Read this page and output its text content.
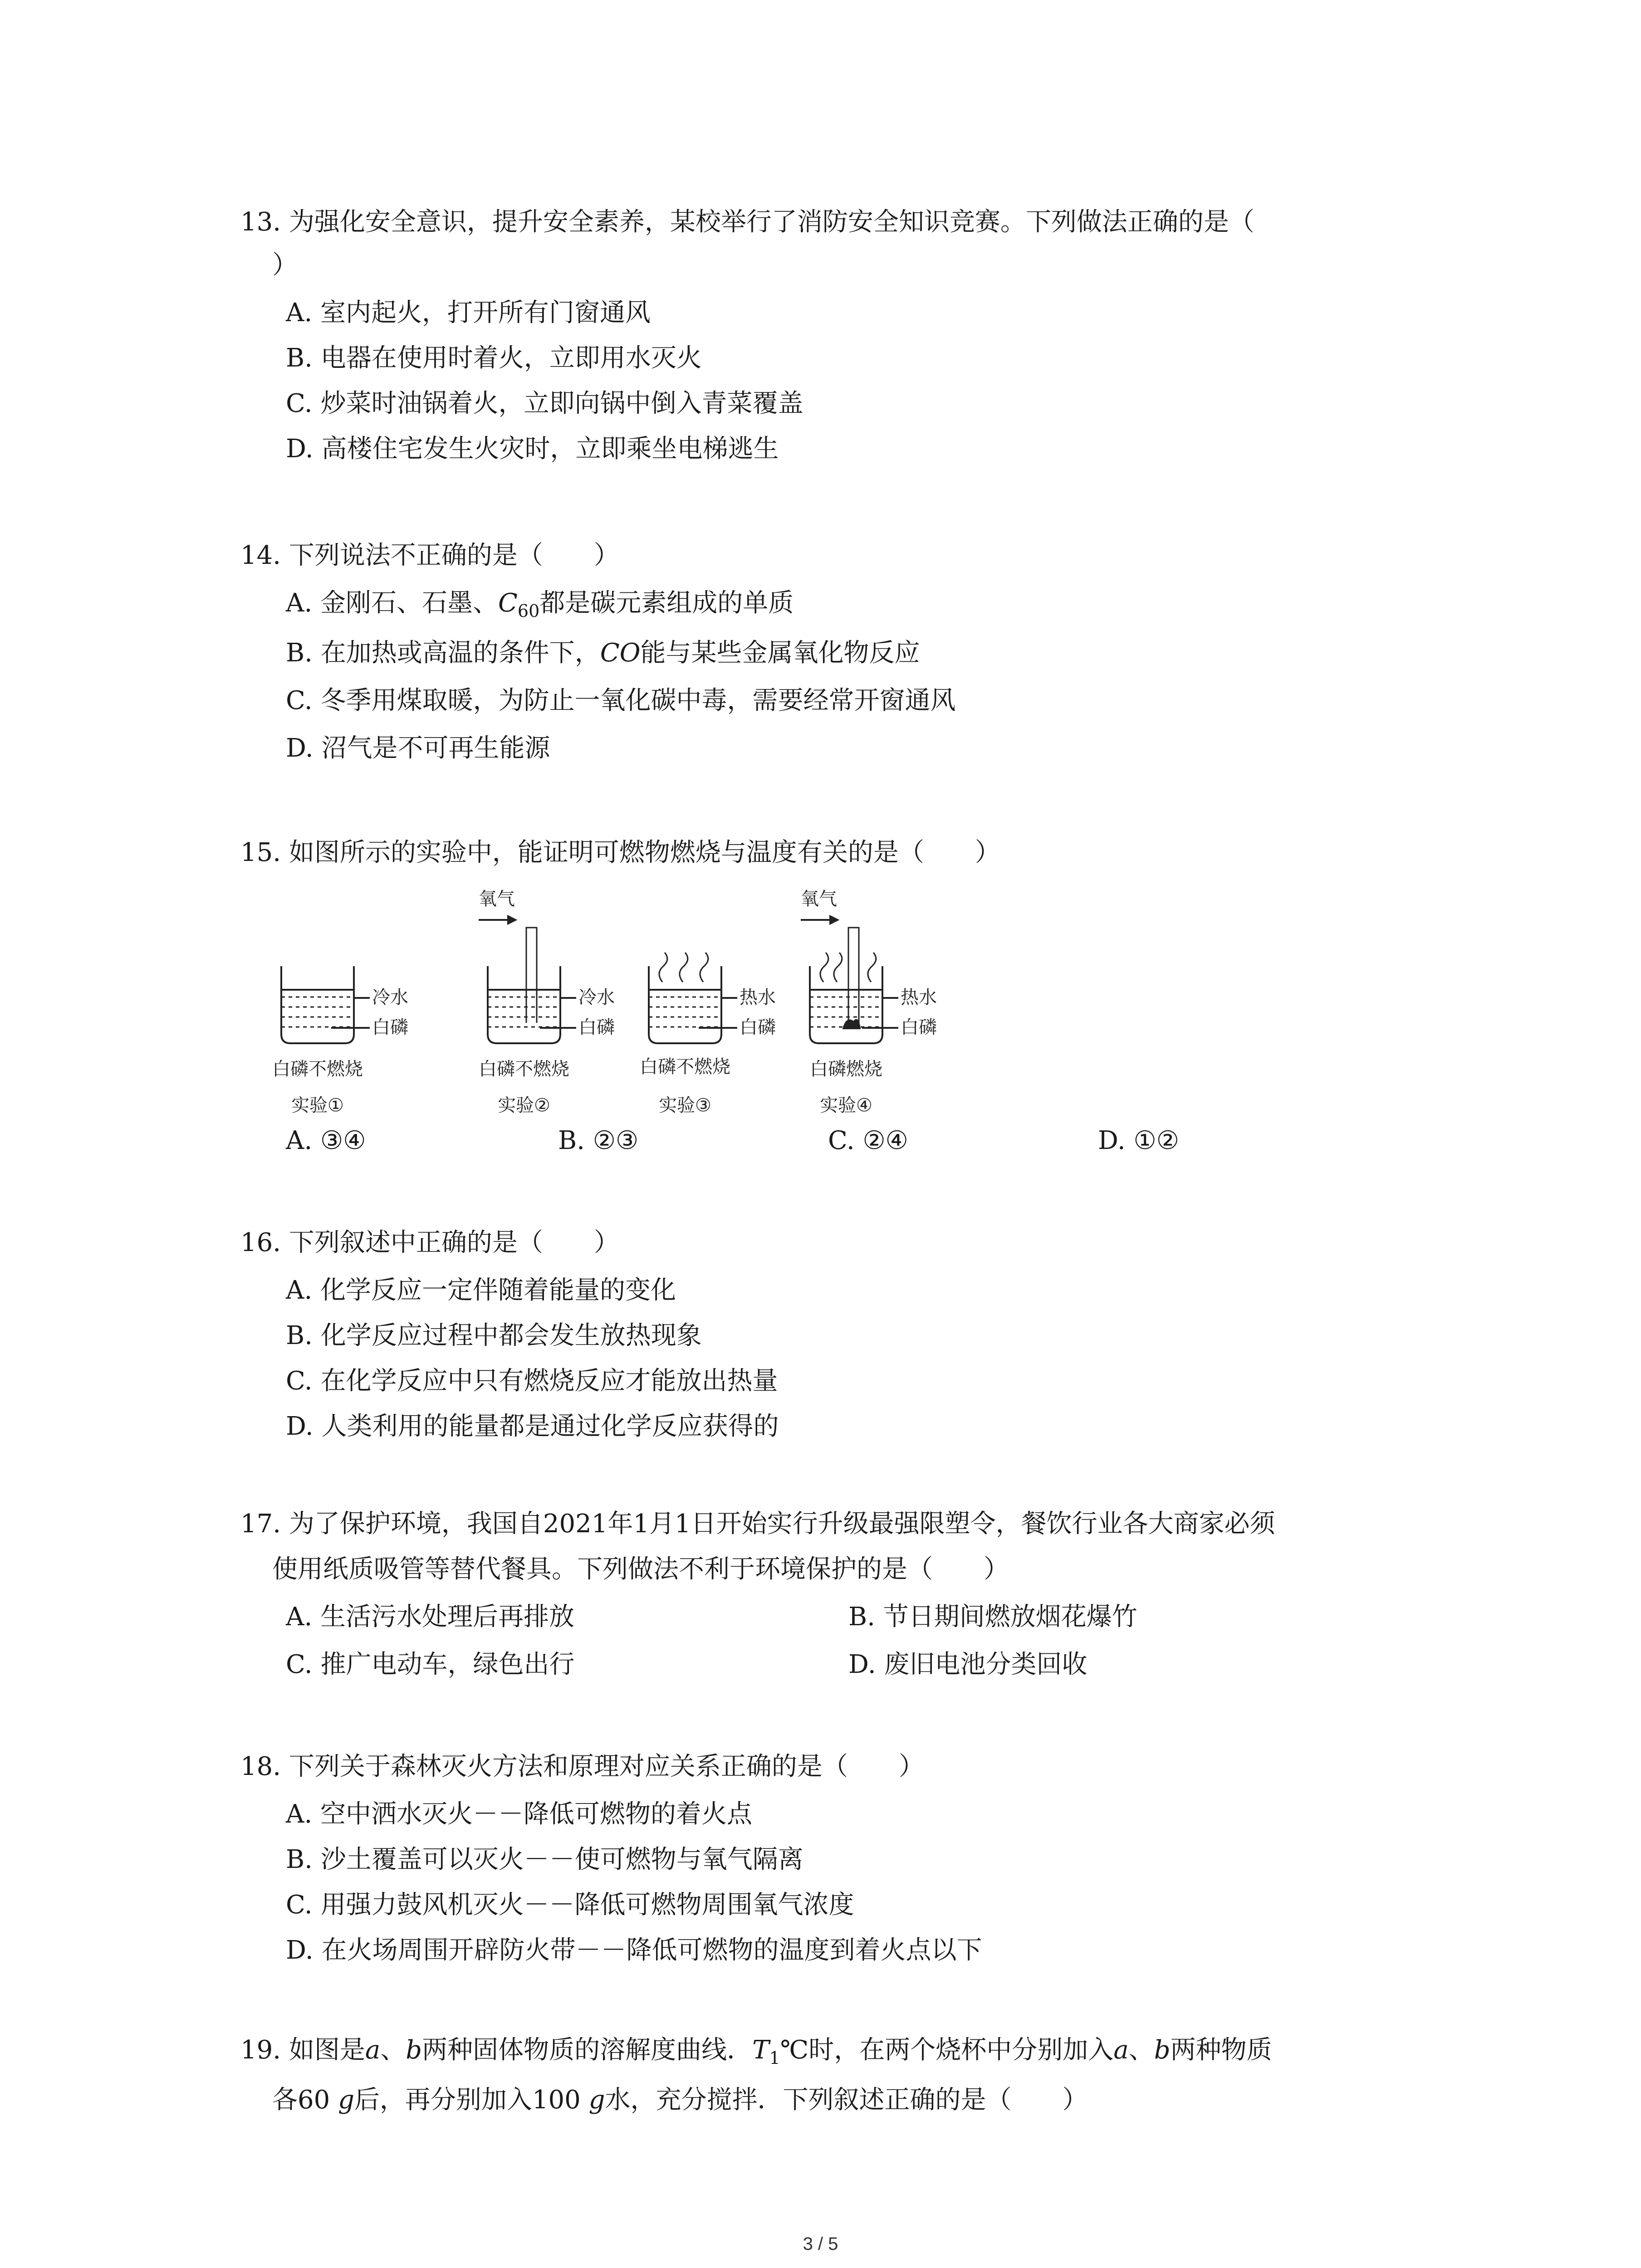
13. 为强化安全意识，提升安全素养，某校举行了消防安全知识竞赛。下列做法正确的是（
）
A. 室内起火，打开所有门窗通风
B. 电器在使用时着火，立即用水灭火
C. 炒菜时油锅着火，立即向锅中倒入青菜覆盖
D. 高楼住宅发生火灾时，立即乘坐电梯逃生
14. 下列说法不正确的是（　　）
A. 金刚石、石墨、$C_{60}$都是碳元素组成的单质
B. 在加热或高温的条件下，CO能与某些金属氧化物反应
C. 冬季用煤取暖，为防止一氧化碳中毒，需要经常开窗通风
D. 沼气是不可再生能源
15. 如图所示的实验中，能证明可燃物燃烧与温度有关的是（　　）
氧气	氧气
冷水
白磷
冷水
白磷
热水
白磷
热水
白磷
白磷不燃烧	白磷不燃烧	白磷不燃烧	白磷燃烧
实验①	实验②	实验③	实验④
A. ③④	B. ②③	C. ②④	D. ①②
16. 下列叙述中正确的是（　　）
A. 化学反应一定伴随着能量的变化
B. 化学反应过程中都会发生放热现象
C. 在化学反应中只有燃烧反应才能放出热量
D. 人类利用的能量都是通过化学反应获得的
17. 为了保护环境，我国自2021年1月1日开始实行升级最强限塑令，餐饮行业各大商家必须
使用纸质吸管等替代餐具。下列做法不利于环境保护的是（　　）
A. 生活污水处理后再排放	B. 节日期间燃放烟花爆竹
C. 推广电动车，绿色出行	D. 废旧电池分类回收
18. 下列关于森林灭火方法和原理对应关系正确的是（　　）
A. 空中洒水灭火－－降低可燃物的着火点
B. 沙土覆盖可以灭火－－使可燃物与氧气隔离
C. 用强力鼓风机灭火－－降低可燃物周围氧气浓度
D. 在火场周围开辟防火带－－降低可燃物的温度到着火点以下
19. 如图是a、b两种固体物质的溶解度曲线．$T_1℃$时，在两个烧杯中分别加入a、b两种物质
各60 g后，再分别加入100 g水，充分搅拌．下列叙述正确的是（　　）
3 / 5
